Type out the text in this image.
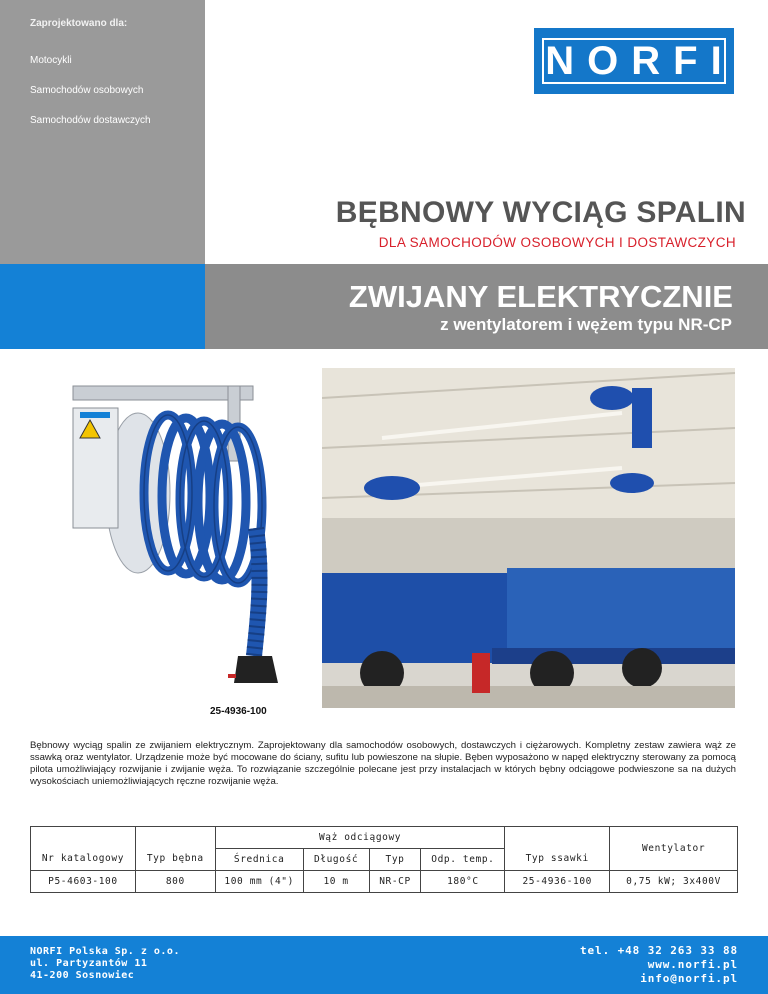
Zaprojektowano dla:
Motocykli
Samochodów osobowych
Samochodów dostawczych
NORFI
BĘBNOWY WYCIĄG SPALIN
DLA SAMOCHODÓW OSOBOWYCH I DOSTAWCZYCH
ZWIJANY ELEKTRYCZNIE
z wentylatorem i wężem typu NR-CP
25-4936-100
Bębnowy wyciąg spalin ze zwijaniem elektrycznym. Zaprojektowany dla samochodów osobowych, dostawczych i ciężarowych. Kompletny zestaw zawiera wąż ze ssawką oraz wentylator. Urządzenie może być mocowane do ściany, sufitu lub powieszone na słupie. Bęben wyposażono w napęd elektryczny sterowany za pomocą pilota umożliwiający rozwijanie i zwijanie węża. To rozwiązanie szczególnie polecane jest przy instalacjach w których bębny odciągowe podwieszone sa na dużych wysokościach uniemożliwiających ręczne rozwijanie węża.
Nr katalogowy	Typ bębna	Wąż odciągowy				Typ ssawki	Wentylator
		Średnica	Długość	Typ	Odp. temp.		
P5-4603-100	800	100 mm (4")	10 m	NR-CP	180°C	25-4936-100	0,75 kW; 3x400V
NORFI Polska Sp. z o.o.
ul. Partyzantów 11
41-200 Sosnowiec
tel. +48 32 263 33 88
www.norfi.pl
info@norfi.pl
